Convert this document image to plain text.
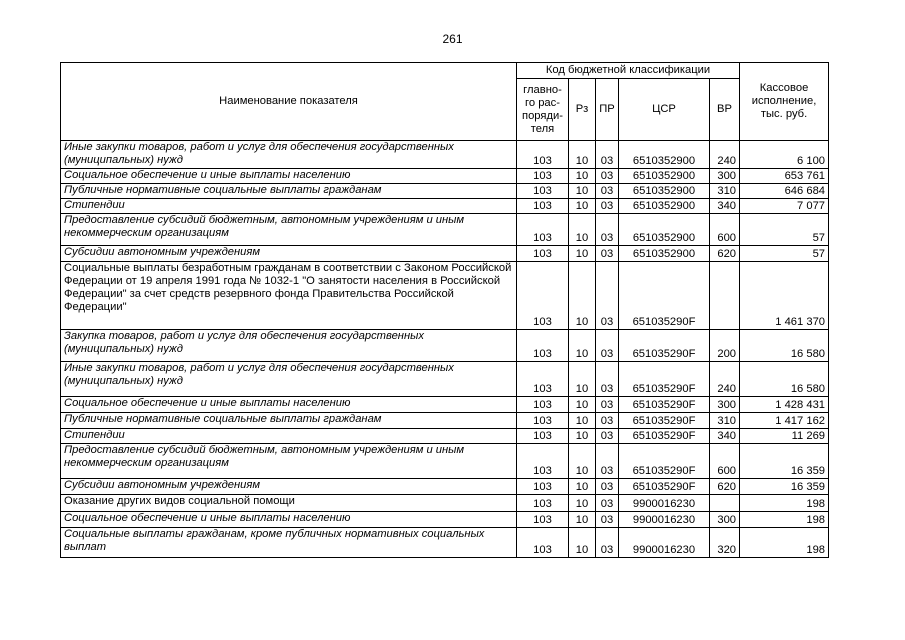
261
Наименование показателя	Код бюджетной классификации					Кассовое исполнение, тыс. руб.
	главно-го рас-поряди-теля	Рз	ПР	ЦСР	ВР	
Иные закупки товаров, работ и услуг для обеспечения государственных (муниципальных) нужд	103	10	03	6510352900	240	6 100
Социальное обеспечение и иные выплаты населению	103	10	03	6510352900	300	653 761
Публичные нормативные социальные выплаты гражданам	103	10	03	6510352900	310	646 684
Стипендии	103	10	03	6510352900	340	7 077
Предоставление субсидий бюджетным, автономным учреждениям и иным некоммерческим организациям	103	10	03	6510352900	600	57
Субсидии автономным учреждениям	103	10	03	6510352900	620	57
Социальные выплаты безработным гражданам в соответствии с Законом Российской Федерации от 19 апреля 1991 года № 1032-1 "О занятости населения в Российской Федерации" за счет средств резервного фонда Правительства Российской Федерации"	103	10	03	651035290F		1 461 370
Закупка товаров, работ и услуг для обеспечения государственных (муниципальных) нужд	103	10	03	651035290F	200	16 580
Иные закупки товаров, работ и услуг для обеспечения государственных (муниципальных) нужд	103	10	03	651035290F	240	16 580
Социальное обеспечение и иные выплаты населению	103	10	03	651035290F	300	1 428 431
Публичные нормативные социальные выплаты гражданам	103	10	03	651035290F	310	1 417 162
Стипендии	103	10	03	651035290F	340	11 269
Предоставление субсидий бюджетным, автономным учреждениям и иным некоммерческим организациям	103	10	03	651035290F	600	16 359
Субсидии автономным учреждениям	103	10	03	651035290F	620	16 359
Оказание других видов социальной помощи	103	10	03	9900016230		198
Социальное обеспечение и иные выплаты населению	103	10	03	9900016230	300	198
Социальные выплаты гражданам, кроме публичных нормативных социальных выплат	103	10	03	9900016230	320	198
